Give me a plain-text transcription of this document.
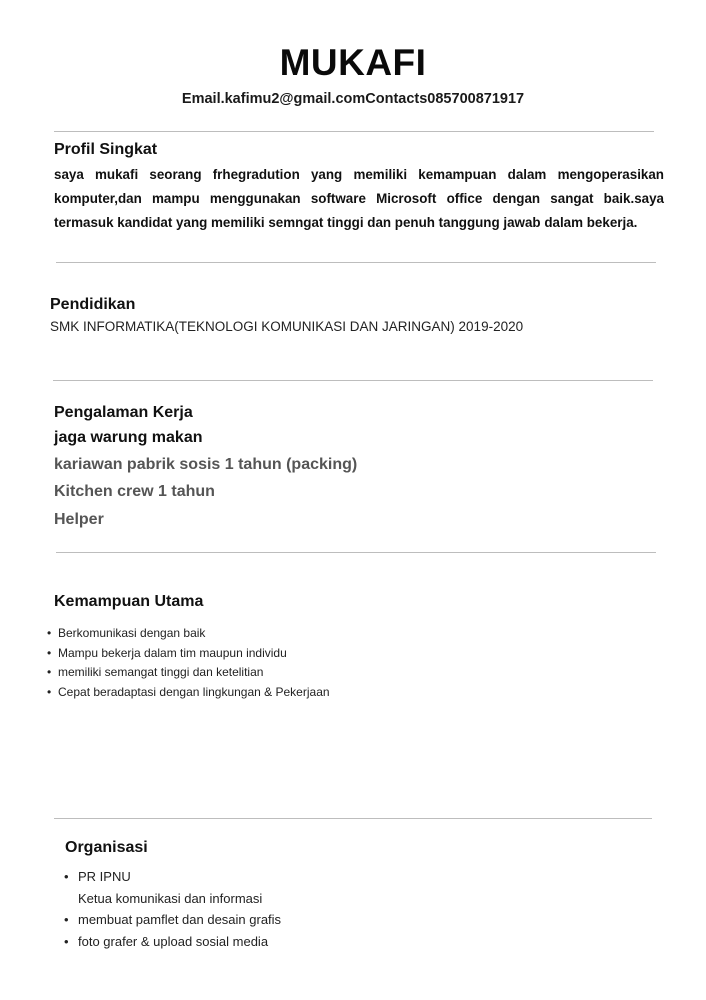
MUKAFI
Email.kafimu2@gmail.comContacts085700871917
Profil Singkat
saya mukafi seorang frhegradution yang memiliki kemampuan dalam mengoperasikan komputer,dan mampu menggunakan software Microsoft office dengan sangat baik.saya termasuk kandidat yang memiliki semngat tinggi dan penuh tanggung jawab dalam bekerja.
Pendidikan
SMK INFORMATIKA(TEKNOLOGI KOMUNIKASI DAN JARINGAN) 2019-2020
Pengalaman Kerja
jaga warung makan
kariawan pabrik sosis 1 tahun (packing)
Kitchen crew 1 tahun
Helper
Kemampuan Utama
• Berkomunikasi dengan baik
• Mampu bekerja dalam tim maupun individu
• memiliki semangat tinggi dan ketelitian
• Cepat beradaptasi dengan lingkungan & Pekerjaan
Organisasi
• PR IPNU
Ketua komunikasi dan informasi
• membuat pamflet dan desain grafis
• foto grafer & upload sosial media
